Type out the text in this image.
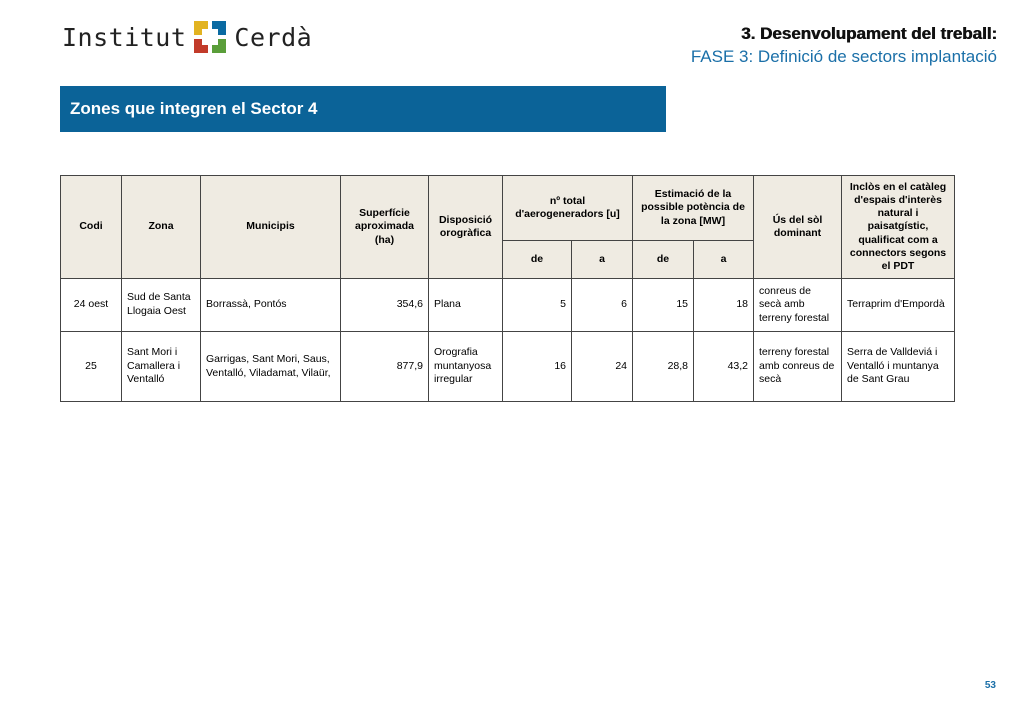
Institut Cerdà	3. Desenvolupament del treball:
FASE 3: Definició de sectors implantació
Zones que integren el Sector 4
Codi	Zona	Municipis	Superfície aproximada (ha)	Disposició orogràfica	nº total d'aerogeneradors [u]		Estimació de la possible potència de la zona [MW]		Ús del sòl dominant	Inclòs en el catàleg d'espais d'interès natural i paisatgístic, qualificat com a connectors segons el PDT
					de	a	de	a		
24 oest	Sud de Santa Llogaia Oest	Borrassà, Pontós	354,6	Plana	5	6	15	18	conreus de secà amb terreny forestal	Terraprim d'Empordà
25	Sant Mori i Camallera i Ventalló	Garrigas, Sant Mori, Saus, Ventalló, Viladamat, Vilaür,	877,9	Orografia muntanyosa irregular	16	24	28,8	43,2	terreny forestal amb conreus de secà	Serra de Valldeviá i Ventalló i muntanya de Sant Grau
53
